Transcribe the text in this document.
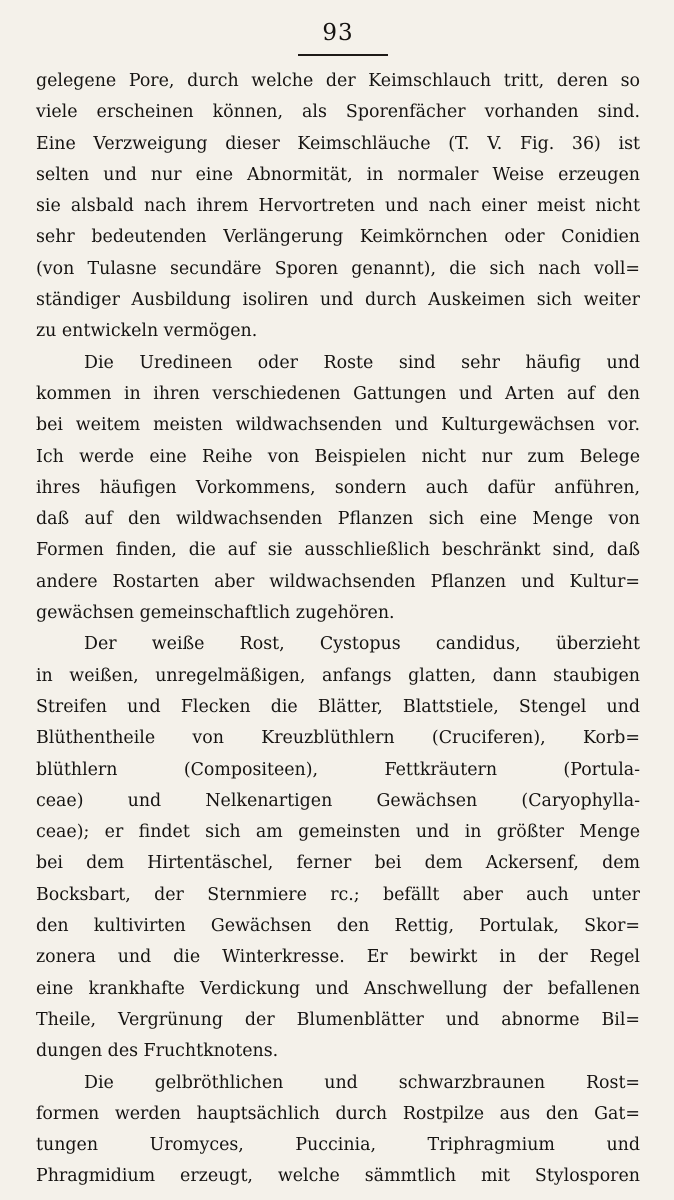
93

gelegene Pore, durch welche der Keimschlauch tritt, deren so

viele erscheinen können, als Sporenfächer vorhanden sind.

Eine Verzweigung dieser Keimschläuche (T. V. Fig. 36) ist

selten und nur eine Abnormität, in normaler Weise erzeugen

sie alsbald nach ihrem Hervortreten und nach einer meist nicht

sehr bedeutenden Verlängerung Keimkörnchen oder Conidien

(von Tulasne secundäre Sporen genannt), die sich nach voll=

ständiger Ausbildung isoliren und durch Auskeimen sich weiter

zu entwickeln vermögen.

Die Uredineen oder Roste sind sehr häufig und

kommen in ihren verschiedenen Gattungen und Arten auf den

bei weitem meisten wildwachsenden und Kulturgewächsen vor.

Ich werde eine Reihe von Beispielen nicht nur zum Belege

ihres häufigen Vorkommens, sondern auch dafür anführen,

daß auf den wildwachsenden Pflanzen sich eine Menge von

Formen finden, die auf sie ausschließlich beschränkt sind, daß

andere Rostarten aber wildwachsenden Pflanzen und Kultur=

gewächsen gemeinschaftlich zugehören.

Der weiße Rost, Cystopus candidus, überzieht

in weißen, unregelmäßigen, anfangs glatten, dann staubigen

Streifen und Flecken die Blätter, Blattstiele, Stengel und

Blüthentheile von Kreuzblüthlern (Cruciferen), Korb=

blüthlern (Compositeen), Fettkräutern (Portula-

ceae) und Nelkenartigen Gewächsen (Caryophylla-

ceae); er findet sich am gemeinsten und in größter Menge

bei dem Hirtentäschel, ferner bei dem Ackersenf, dem

Bocksbart, der Sternmiere rc.; befällt aber auch unter

den kultivirten Gewächsen den Rettig, Portulak, Skor=

zonera und die Winterkresse. Er bewirkt in der Regel

eine krankhafte Verdickung und Anschwellung der befallenen

Theile, Vergrünung der Blumenblätter und abnorme Bil=

dungen des Fruchtknotens.

Die gelbröthlichen und schwarzbraunen Rost=

formen werden hauptsächlich durch Rostpilze aus den Gat=

tungen Uromyces, Puccinia, Triphragmium und

Phragmidium erzeugt, welche sämmtlich mit Stylosporen
